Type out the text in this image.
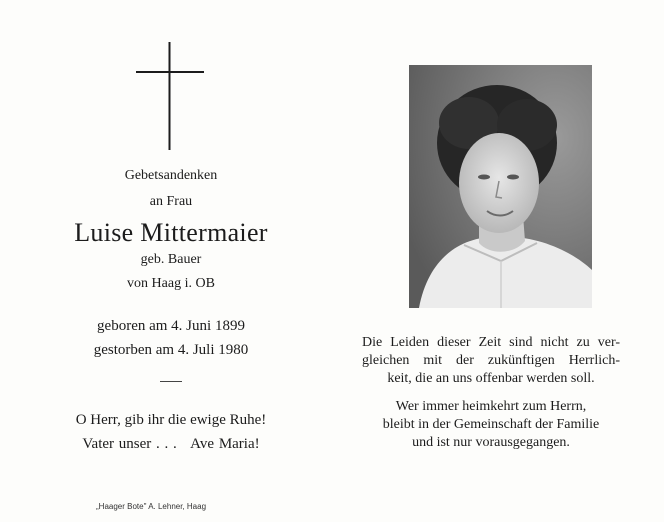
Gebetsandenken
an Frau
Luise Mittermaier
geb. Bauer
von Haag i. OB
geboren am 4. Juni 1899
gestorben am 4. Juli 1980
O Herr, gib ihr die ewige Ruhe!
Vater unser . . .   Ave Maria!
„Haager Bote" A. Lehner, Haag
Die Leiden dieser Zeit sind nicht zu ver-
gleichen mit der zukünftigen Herrlich-
keit, die an uns offenbar werden soll.
Wer immer heimkehrt zum Herrn,
bleibt in der Gemeinschaft der Familie
und ist nur vorausgegangen.
